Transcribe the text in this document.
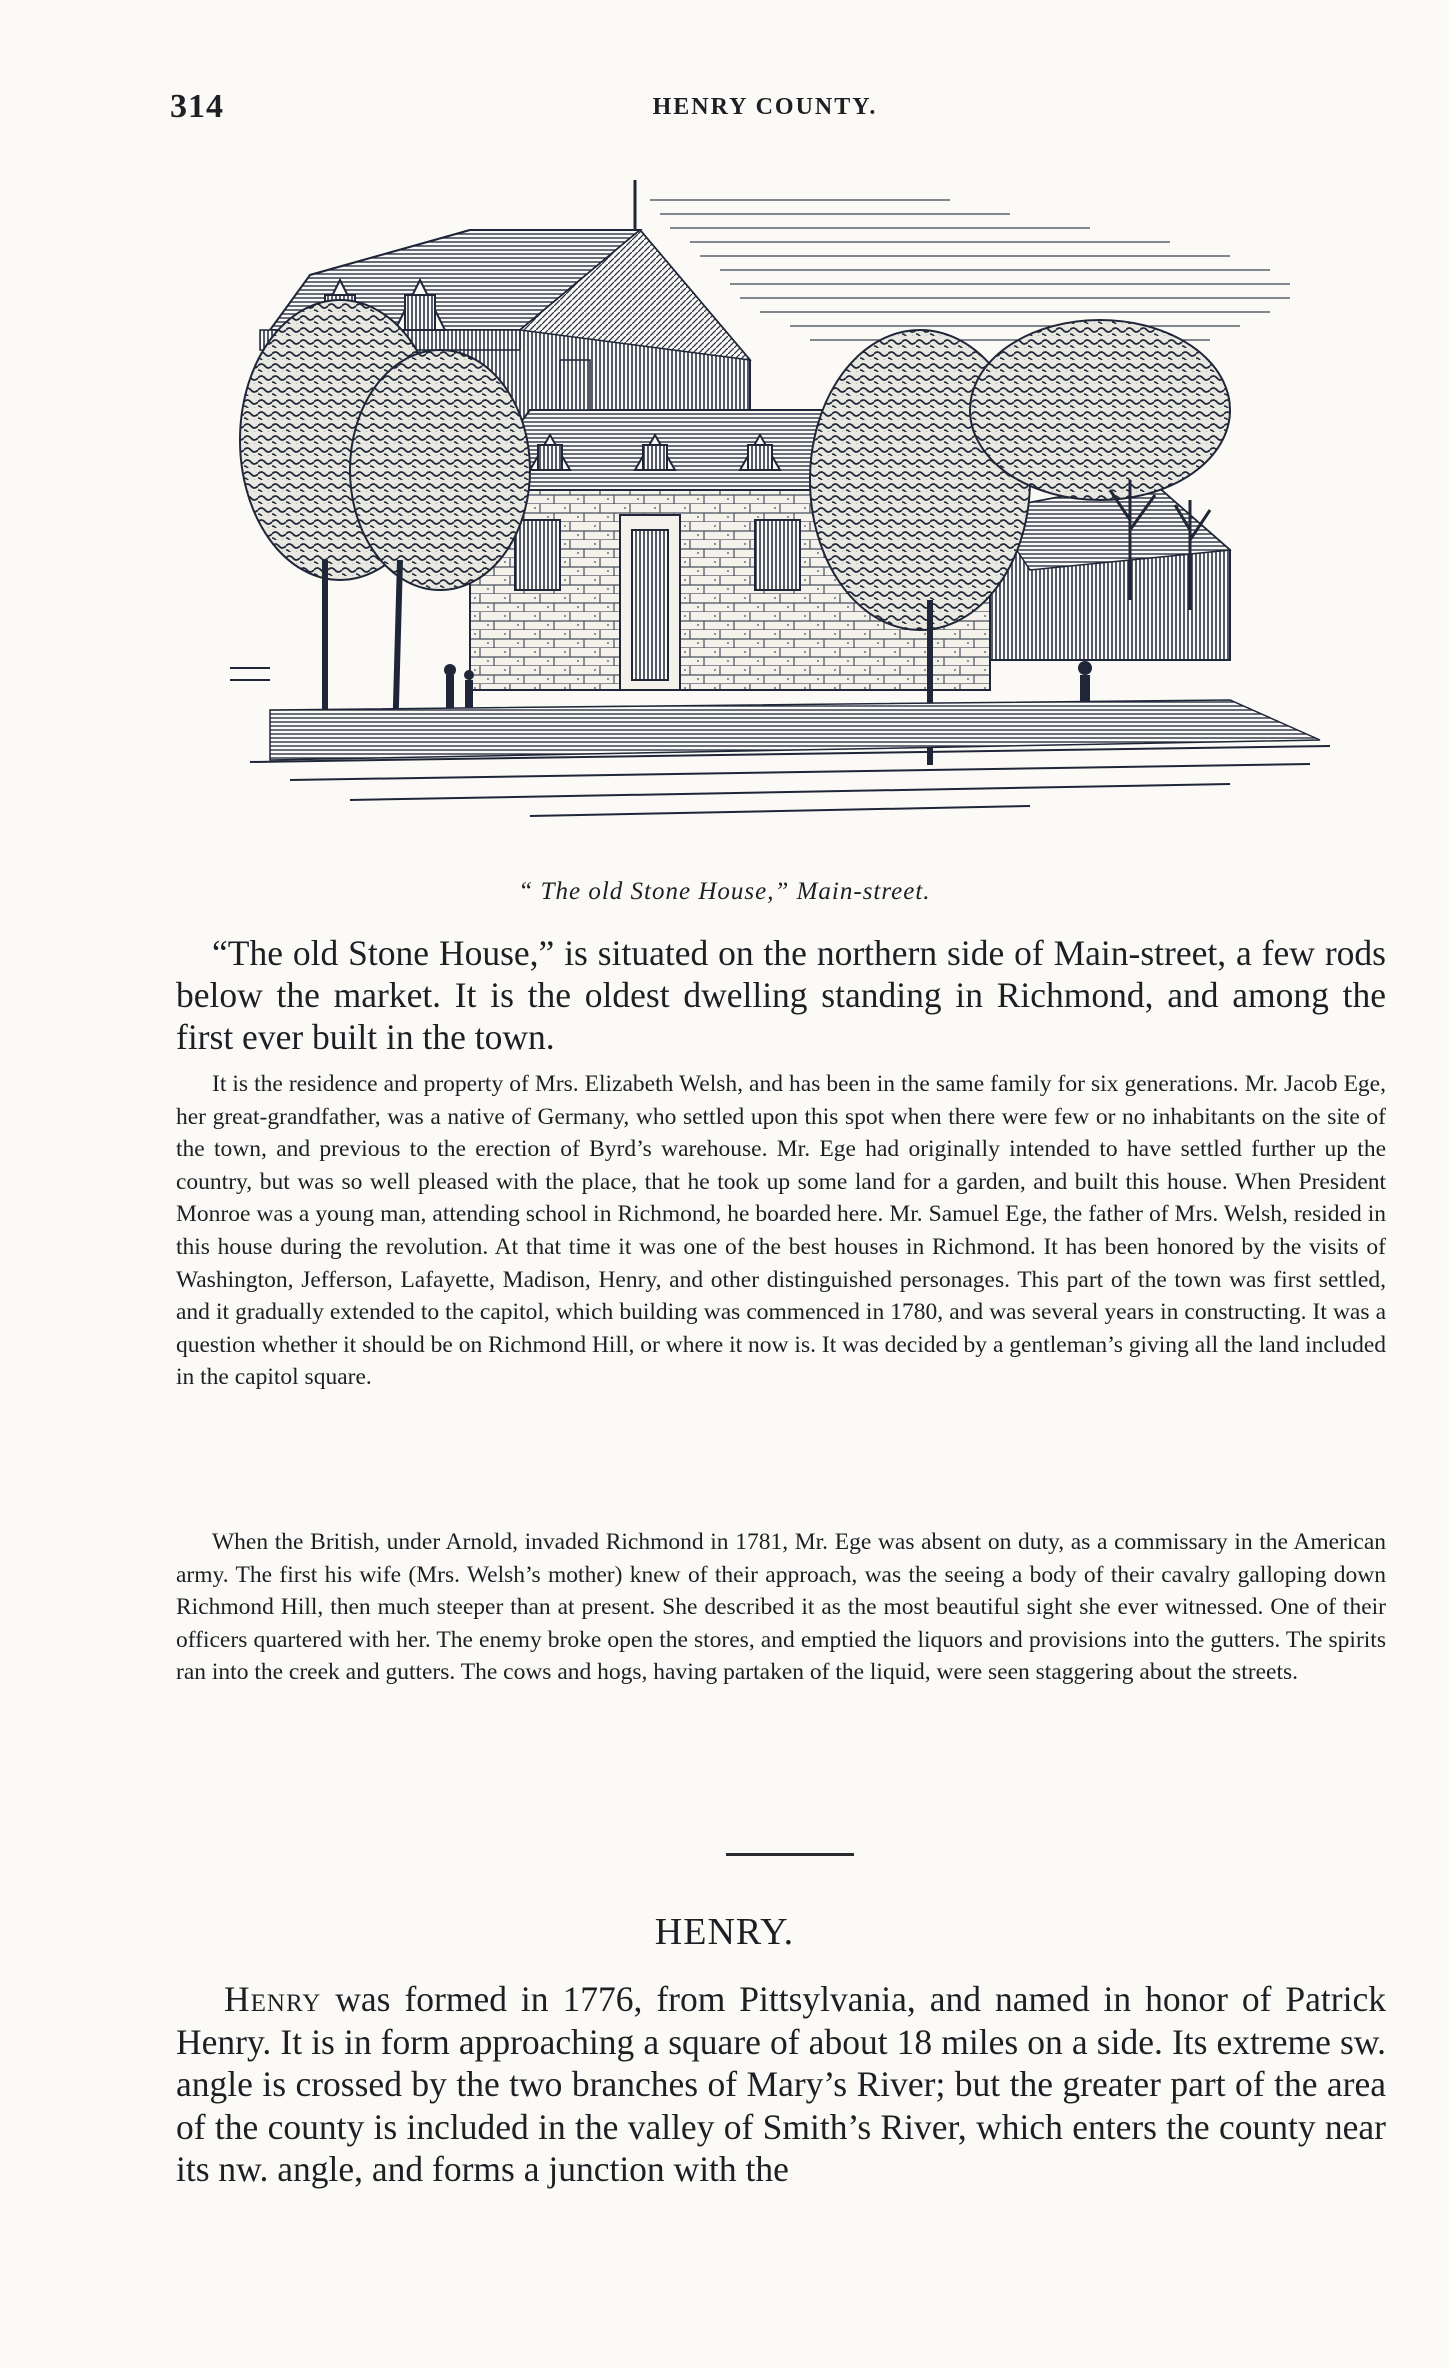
314	HENRY COUNTY.
“ The old Stone House,” Main-street.

“The old Stone House,” is situated on the northern side of Main-street, a few rods below the market. It is the oldest dwelling standing in Richmond, and among the first ever built in the town.

It is the residence and property of Mrs. Elizabeth Welsh, and has been in the same family for six generations. Mr. Jacob Ege, her great-grandfather, was a native of Germany, who settled upon this spot when there were few or no inhabitants on the site of the town, and previous to the erection of Byrd’s warehouse. Mr. Ege had originally intended to have settled further up the country, but was so well pleased with the place, that he took up some land for a garden, and built this house. When President Monroe was a young man, attending school in Richmond, he boarded here. Mr. Samuel Ege, the father of Mrs. Welsh, resided in this house during the revolution. At that time it was one of the best houses in Richmond. It has been honored by the visits of Washington, Jefferson, Lafayette, Madison, Henry, and other distinguished personages. This part of the town was first settled, and it gradually extended to the capitol, which building was commenced in 1780, and was several years in constructing. It was a question whether it should be on Richmond Hill, or where it now is. It was decided by a gentleman’s giving all the land included in the capitol square.

When the British, under Arnold, invaded Richmond in 1781, Mr. Ege was absent on duty, as a commissary in the American army. The first his wife (Mrs. Welsh’s mother) knew of their approach, was the seeing a body of their cavalry galloping down Richmond Hill, then much steeper than at present. She described it as the most beautiful sight she ever witnessed. One of their officers quartered with her. The enemy broke open the stores, and emptied the liquors and provisions into the gutters. The spirits ran into the creek and gutters. The cows and hogs, having partaken of the liquid, were seen staggering about the streets.

HENRY.

Henry was formed in 1776, from Pittsylvania, and named in honor of Patrick Henry. It is in form approaching a square of about 18 miles on a side. Its extreme sw. angle is crossed by the two branches of Mary’s River; but the greater part of the area of the county is included in the valley of Smith’s River, which enters the county near its nw. angle, and forms a junction with the
